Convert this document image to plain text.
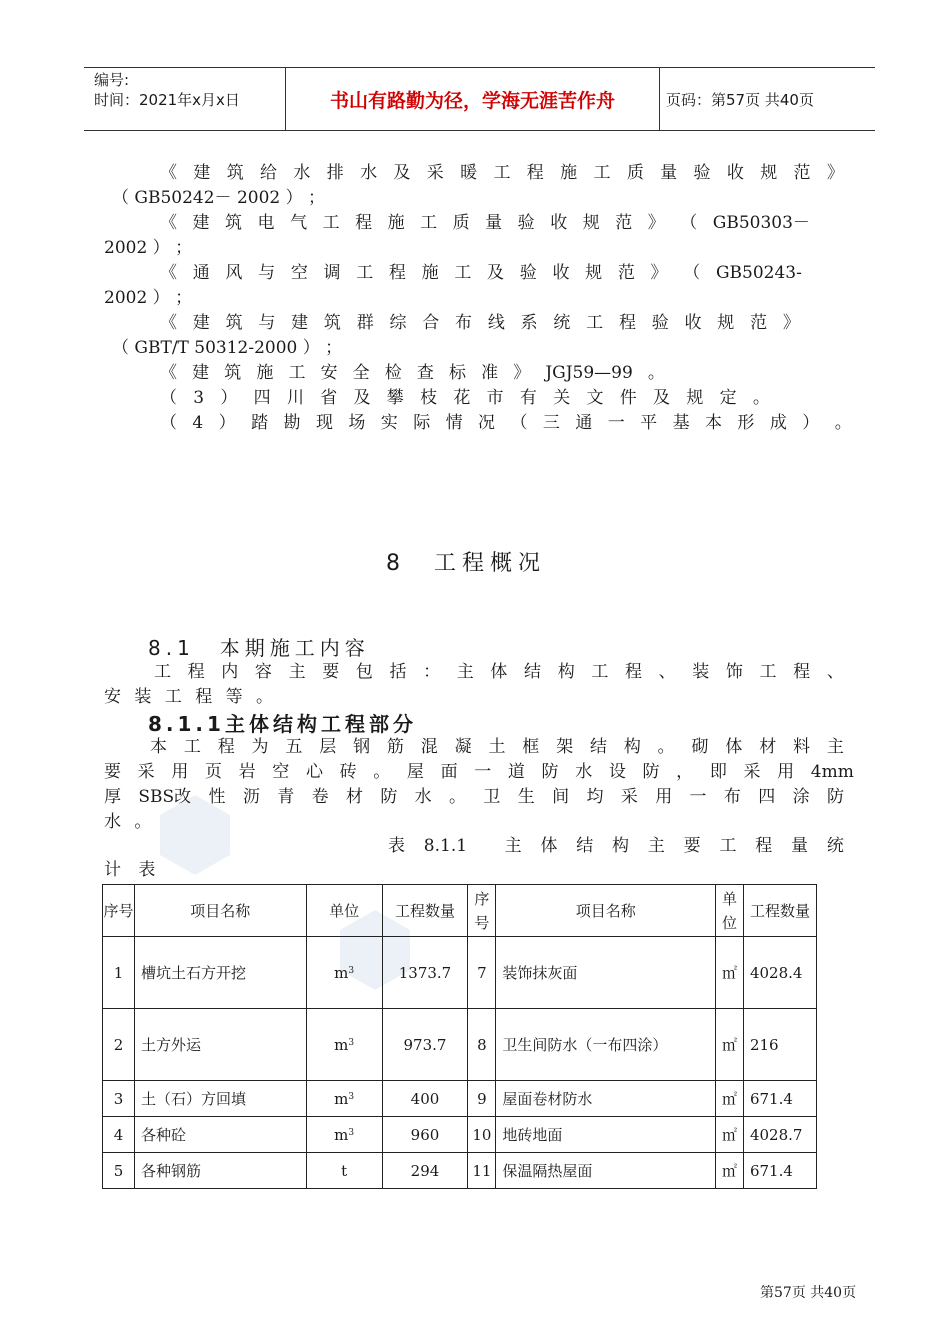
编号:
时间：2021年x月x日	书山有路勤为径，学海无涯苦作舟	页码：第57页 共40页
《 建 筑 给 水 排 水 及 采 暖 工 程 施 工 质 量 验 收 规 范 》
（ GB50242－ 2002 ） ；
《 建 筑 电 气 工 程 施 工 质 量 验 收 规 范 》 （ GB50303－
2002 ） ；
《 通 风 与 空 调 工 程 施 工 及 验 收 规 范 》 （ GB50243-
2002 ） ；
《 建 筑 与 建 筑 群 综 合 布 线 系 统 工 程 验 收 规 范 》
（ GBT/T 50312-2000 ） ；
《 建 筑 施 工 安 全 检 查 标 准 》 JGJ59—99 。
（ 3 ） 四 川 省 及 攀 枝 花 市 有 关 文 件 及 规 定 。
（ 4 ） 踏 勘 现 场 实 际 情 况 （ 三 通 一 平 基 本 形 成 ） 。
8　工程概况
8.1　本期施工内容
工 程 内 容 主 要 包 括 ： 主 体 结 构 工 程 、 装 饰 工 程 、
安 装 工 程 等 。
8.1.1主体结构工程部分
本 工 程 为 五 层 钢 筋 混 凝 土 框 架 结 构 。 砌 体 材 料 主
要 采 用 页 岩 空 心 砖 。 屋 面 一 道 防 水 设 防 ， 即 采 用 4mm
厚 SBS改 性 沥 青 卷 材 防 水 。 卫 生 间 均 采 用 一 布 四 涂 防
水 。
表 8.1.1 主 体 结 构 主 要 工 程 量 统
计 表
序号	项目名称	单位	工程数量	序号	项目名称	单位	工程数量
1	槽坑土石方开挖	$m^3$	1373.7	7	装饰抹灰面	㎡	4028.4
2	土方外运	$m^3$	973.7	8	卫生间防水（一布四涂）	㎡	216
3	土（石）方回填	$m^3$	400	9	屋面卷材防水	㎡	671.4
4	各种砼	$m^3$	960	10	地砖地面	㎡	4028.7
5	各种钢筋	t	294	11	保温隔热屋面	㎡	671.4
第57页 共40页
